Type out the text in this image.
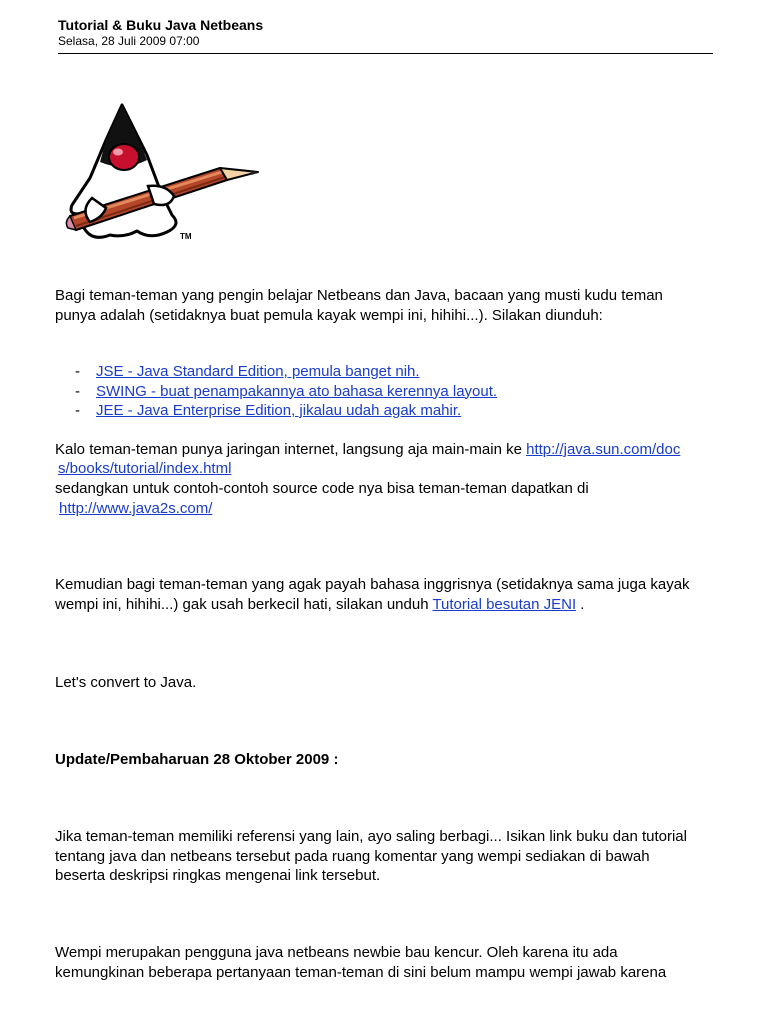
Tutorial & Buku Java Netbeans
Selasa, 28 Juli 2009 07:00
TM
Bagi teman-teman yang pengin belajar Netbeans dan Java, bacaan yang musti kudu teman
punya adalah (setidaknya buat pemula kayak wempi ini, hihihi...). Silakan diunduh:
- JSE - Java Standard Edition, pemula banget nih.
- SWING - buat penampakannya ato bahasa kerennya layout.
- JEE - Java Enterprise Edition, jikalau udah agak mahir.
Kalo teman-teman punya jaringan internet, langsung aja main-main ke http://java.sun.com/doc
s/books/tutorial/index.html
sedangkan untuk contoh-contoh source code nya bisa teman-teman dapatkan di
http://www.java2s.com/
Kemudian bagi teman-teman yang agak payah bahasa inggrisnya (setidaknya sama juga kayak
wempi ini, hihihi...) gak usah berkecil hati, silakan unduh Tutorial besutan JENI .
Let's convert to Java.
Update/Pembaharuan 28 Oktober 2009 :
Jika teman-teman memiliki referensi yang lain, ayo saling berbagi... Isikan link buku dan tutorial
tentang java dan netbeans tersebut pada ruang komentar yang wempi sediakan di bawah
beserta deskripsi ringkas mengenai link tersebut.
Wempi merupakan pengguna java netbeans newbie bau kencur. Oleh karena itu ada
kemungkinan beberapa pertanyaan teman-teman di sini belum mampu wempi jawab karena
